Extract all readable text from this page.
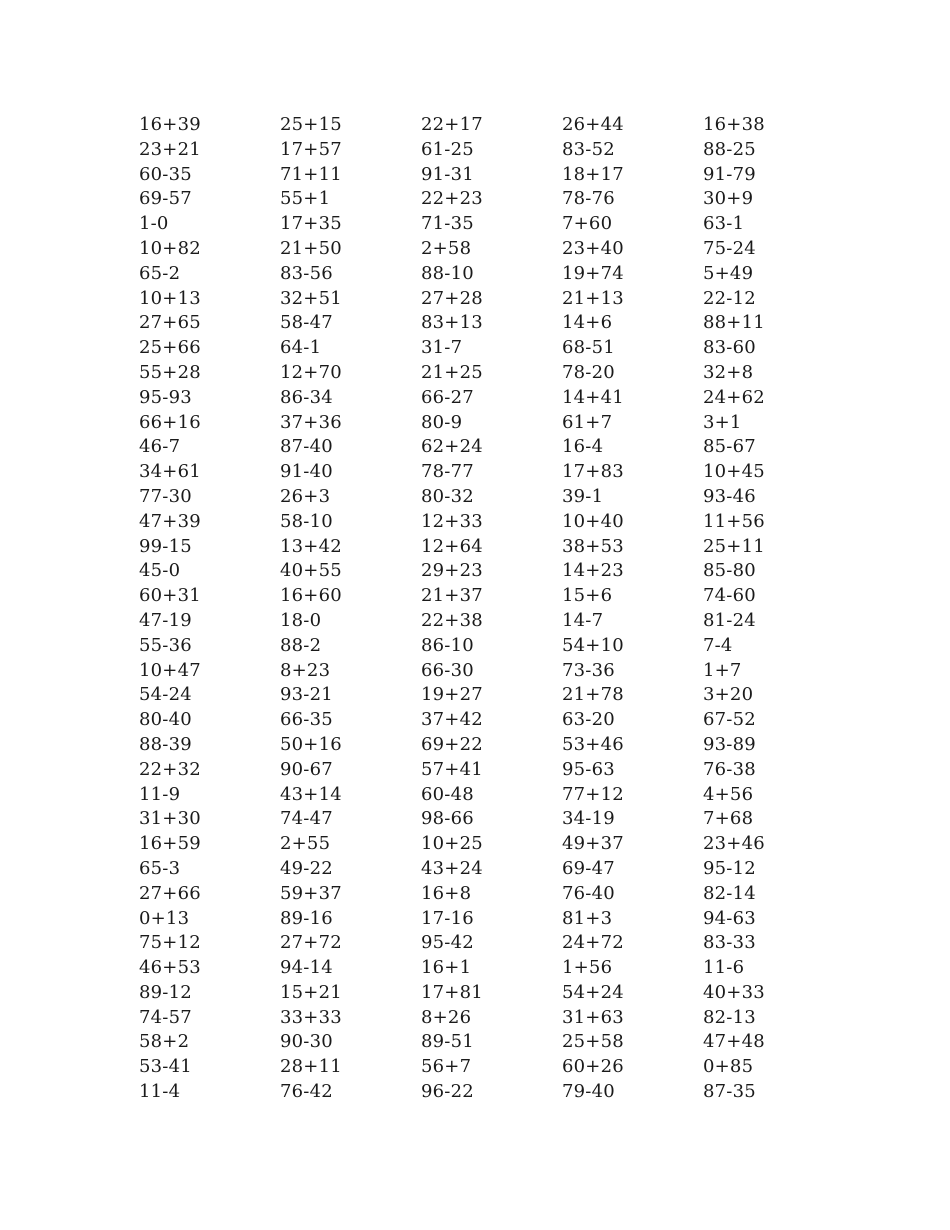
16+39	25+15	22+17	26+44	16+38
23+21	17+57	61-25	83-52	88-25
60-35	71+11	91-31	18+17	91-79
69-57	55+1	22+23	78-76	30+9
1-0	17+35	71-35	7+60	63-1
10+82	21+50	2+58	23+40	75-24
65-2	83-56	88-10	19+74	5+49
10+13	32+51	27+28	21+13	22-12
27+65	58-47	83+13	14+6	88+11
25+66	64-1	31-7	68-51	83-60
55+28	12+70	21+25	78-20	32+8
95-93	86-34	66-27	14+41	24+62
66+16	37+36	80-9	61+7	3+1
46-7	87-40	62+24	16-4	85-67
34+61	91-40	78-77	17+83	10+45
77-30	26+3	80-32	39-1	93-46
47+39	58-10	12+33	10+40	11+56
99-15	13+42	12+64	38+53	25+11
45-0	40+55	29+23	14+23	85-80
60+31	16+60	21+37	15+6	74-60
47-19	18-0	22+38	14-7	81-24
55-36	88-2	86-10	54+10	7-4
10+47	8+23	66-30	73-36	1+7
54-24	93-21	19+27	21+78	3+20
80-40	66-35	37+42	63-20	67-52
88-39	50+16	69+22	53+46	93-89
22+32	90-67	57+41	95-63	76-38
11-9	43+14	60-48	77+12	4+56
31+30	74-47	98-66	34-19	7+68
16+59	2+55	10+25	49+37	23+46
65-3	49-22	43+24	69-47	95-12
27+66	59+37	16+8	76-40	82-14
0+13	89-16	17-16	81+3	94-63
75+12	27+72	95-42	24+72	83-33
46+53	94-14	16+1	1+56	11-6
89-12	15+21	17+81	54+24	40+33
74-57	33+33	8+26	31+63	82-13
58+2	90-30	89-51	25+58	47+48
53-41	28+11	56+7	60+26	0+85
11-4	76-42	96-22	79-40	87-35
